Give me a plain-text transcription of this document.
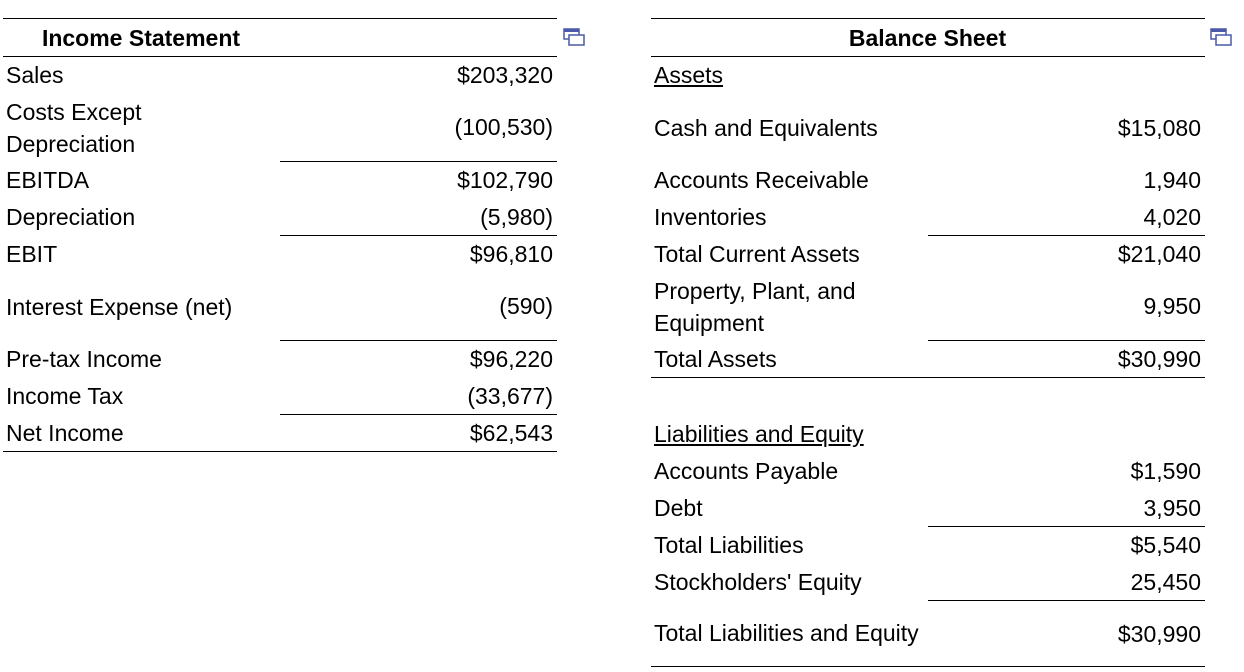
Income Statement	
Sales	$203,320
Costs Except Depreciation	(100,530)
EBITDA	$102,790
Depreciation	(5,980)
EBIT	$96,810
Interest Expense (net)	(590)
Pre-tax Income	$96,220
Income Tax	(33,677)
Net Income	$62,543
Balance Sheet	
Assets	
Cash and Equivalents	$15,080
Accounts Receivable	1,940
Inventories	4,020
Total Current Assets	$21,040
Property, Plant, and Equipment	9,950
Total Assets	$30,990

Liabilities and Equity	
Accounts Payable	$1,590
Debt	3,950
Total Liabilities	$5,540
Stockholders' Equity	25,450
Total Liabilities and Equity	$30,990
